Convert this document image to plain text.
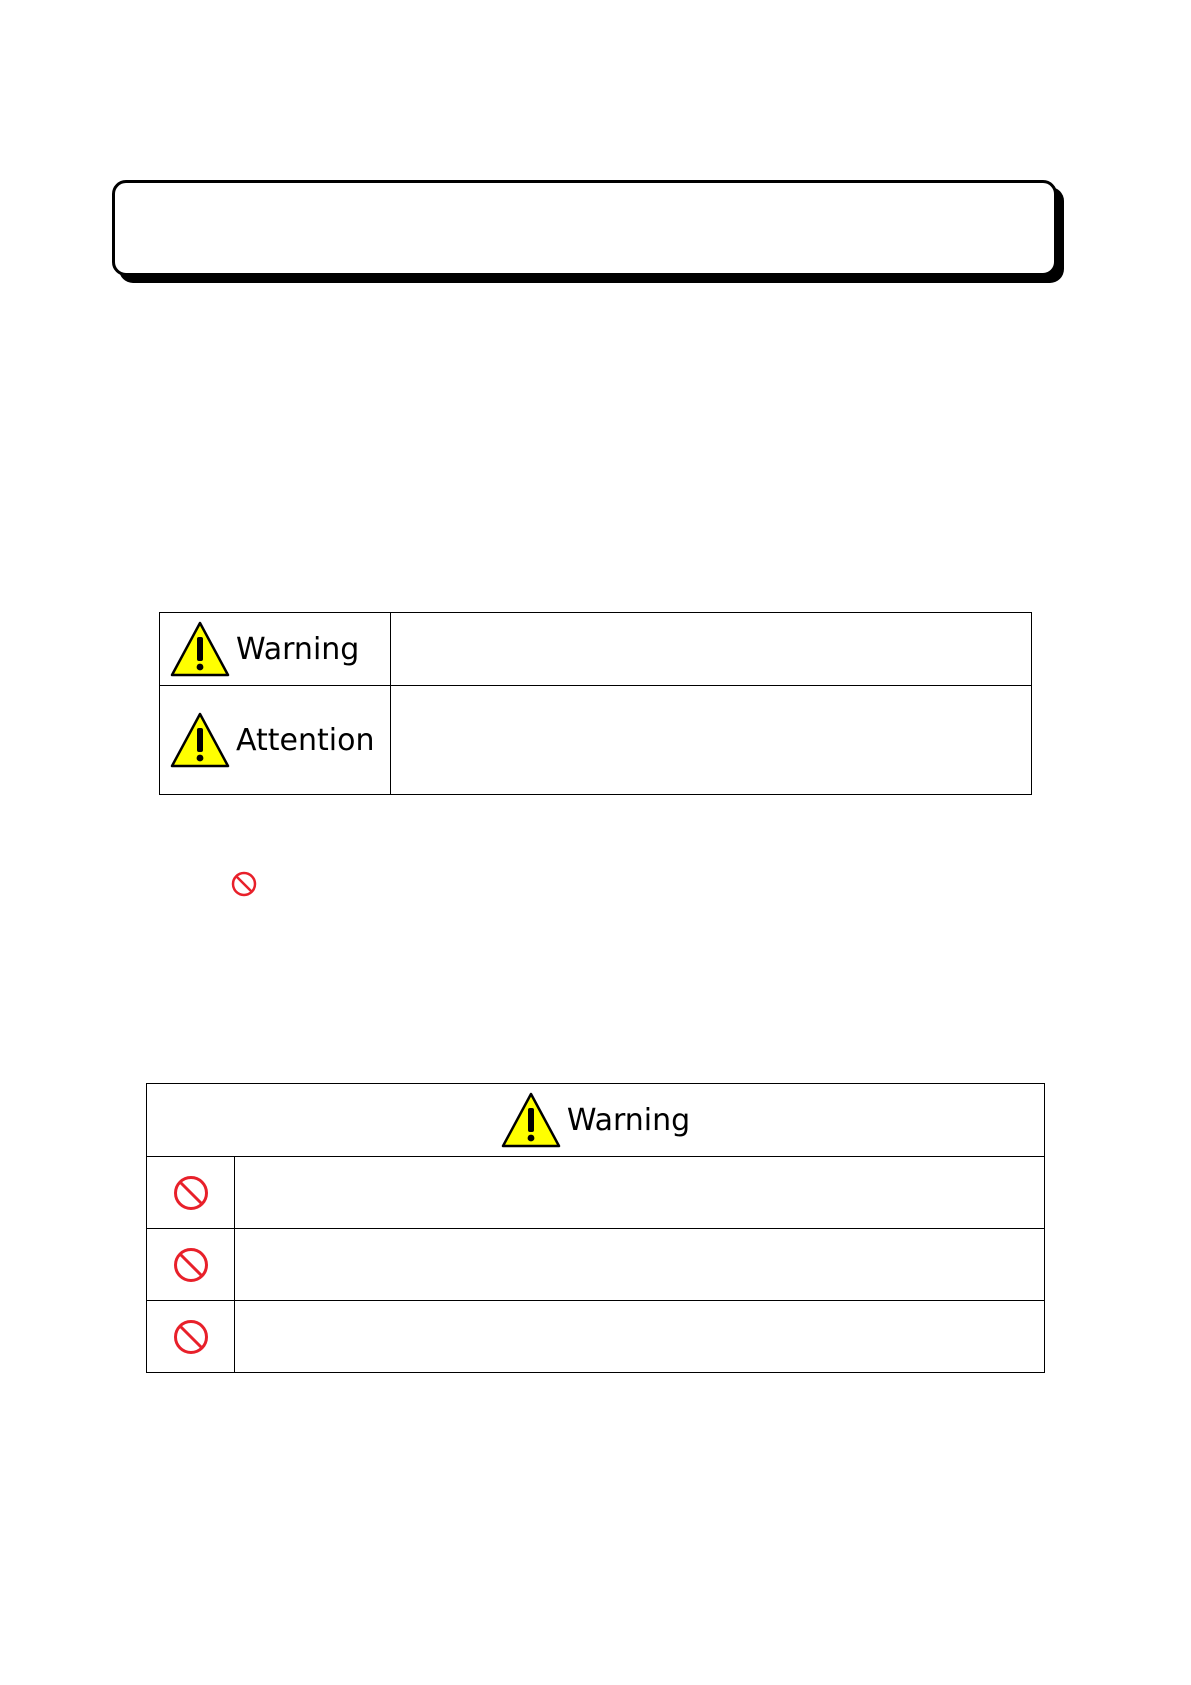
Warning	

Attention	

Warning	
